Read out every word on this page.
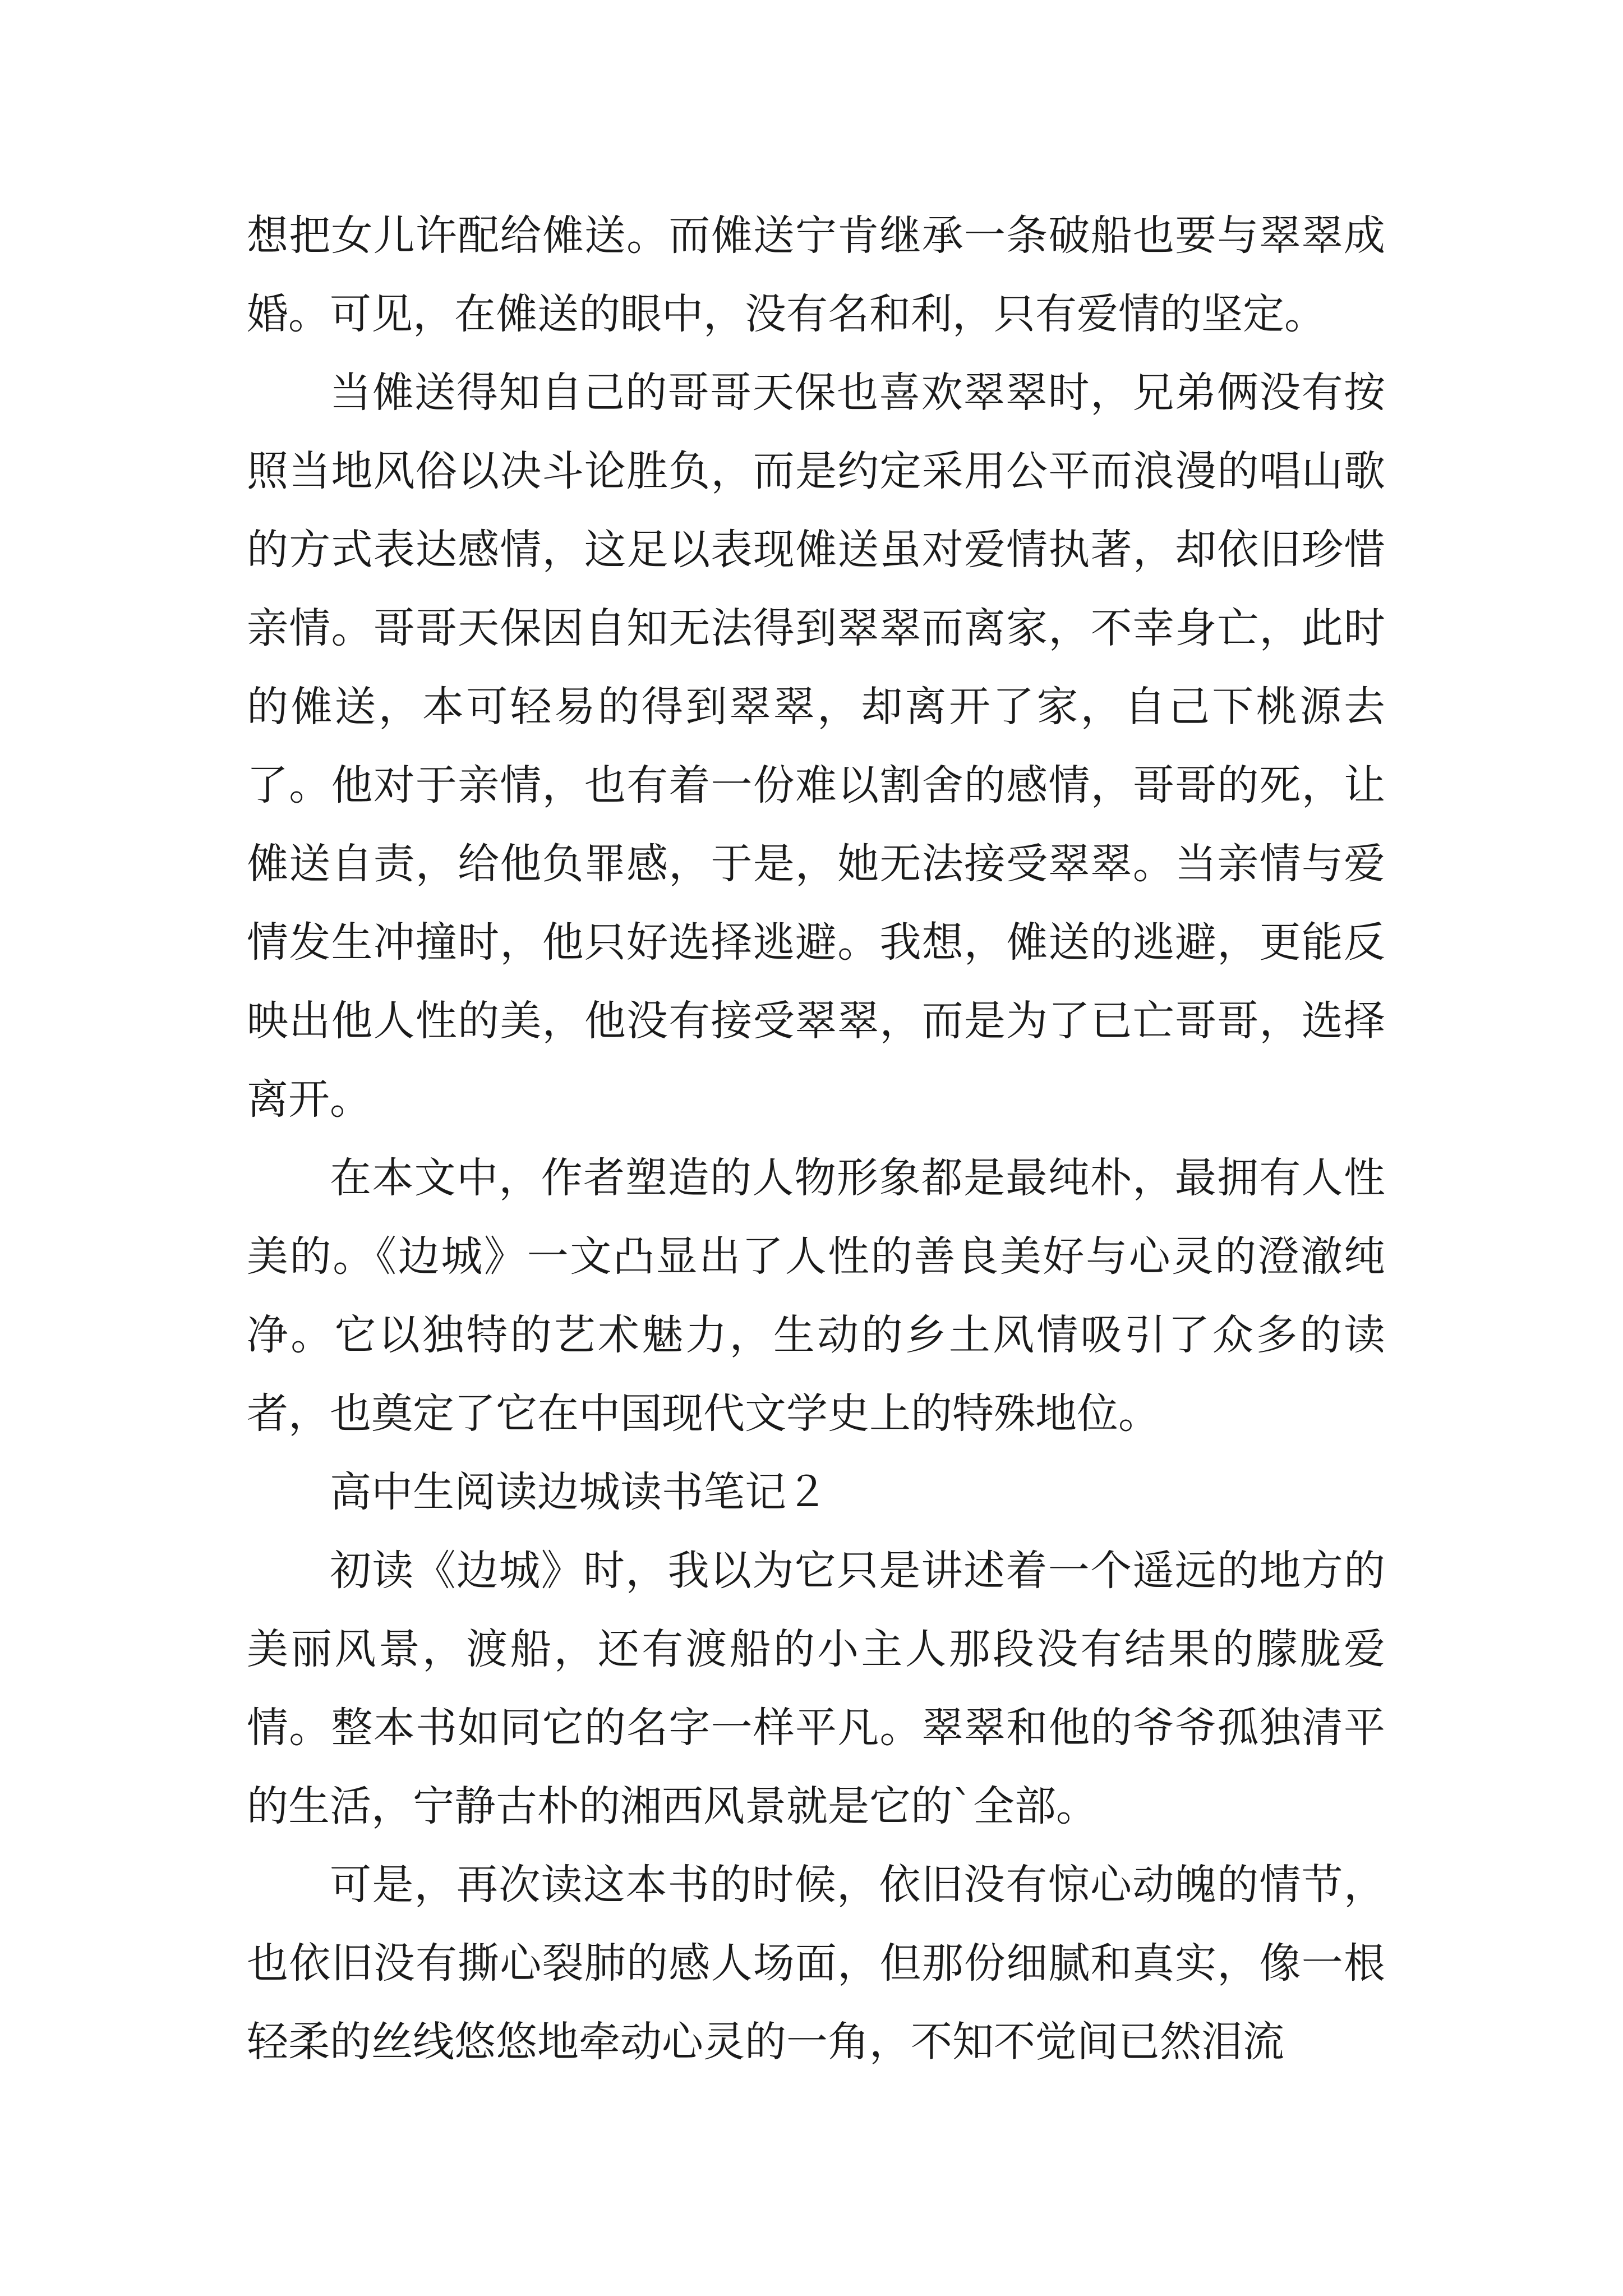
想把女儿许配给傩送。而傩送宁肯继承一条破船也要与翠翠成婚。可见，在傩送的眼中，没有名和利，只有爱情的坚定。

当傩送得知自己的哥哥天保也喜欢翠翠时，兄弟俩没有按照当地风俗以决斗论胜负，而是约定采用公平而浪漫的唱山歌的方式表达感情，这足以表现傩送虽对爱情执著，却依旧珍惜亲情。哥哥天保因自知无法得到翠翠而离家，不幸身亡，此时的傩送，本可轻易的得到翠翠，却离开了家，自己下桃源去了。他对于亲情，也有着一份难以割舍的感情，哥哥的死，让傩送自责，给他负罪感，于是，她无法接受翠翠。当亲情与爱情发生冲撞时，他只好选择逃避。我想，傩送的逃避，更能反映出他人性的美，他没有接受翠翠，而是为了已亡哥哥，选择离开。

在本文中，作者塑造的人物形象都是最纯朴，最拥有人性美的。《边城》一文凸显出了人性的善良美好与心灵的澄澈纯净。它以独特的艺术魅力，生动的乡土风情吸引了众多的读者，也奠定了它在中国现代文学史上的特殊地位。

高中生阅读边城读书笔记２

初读《边城》时，我以为它只是讲述着一个遥远的地方的美丽风景，渡船，还有渡船的小主人那段没有结果的朦胧爱情。整本书如同它的名字一样平凡。翠翠和他的爷爷孤独清平的生活，宁静古朴的湘西风景就是它的`全部。

可是，再次读这本书的时候，依旧没有惊心动魄的情节，也依旧没有撕心裂肺的感人场面，但那份细腻和真实，像一根轻柔的丝线悠悠地牵动心灵的一角，不知不觉间已然泪流
